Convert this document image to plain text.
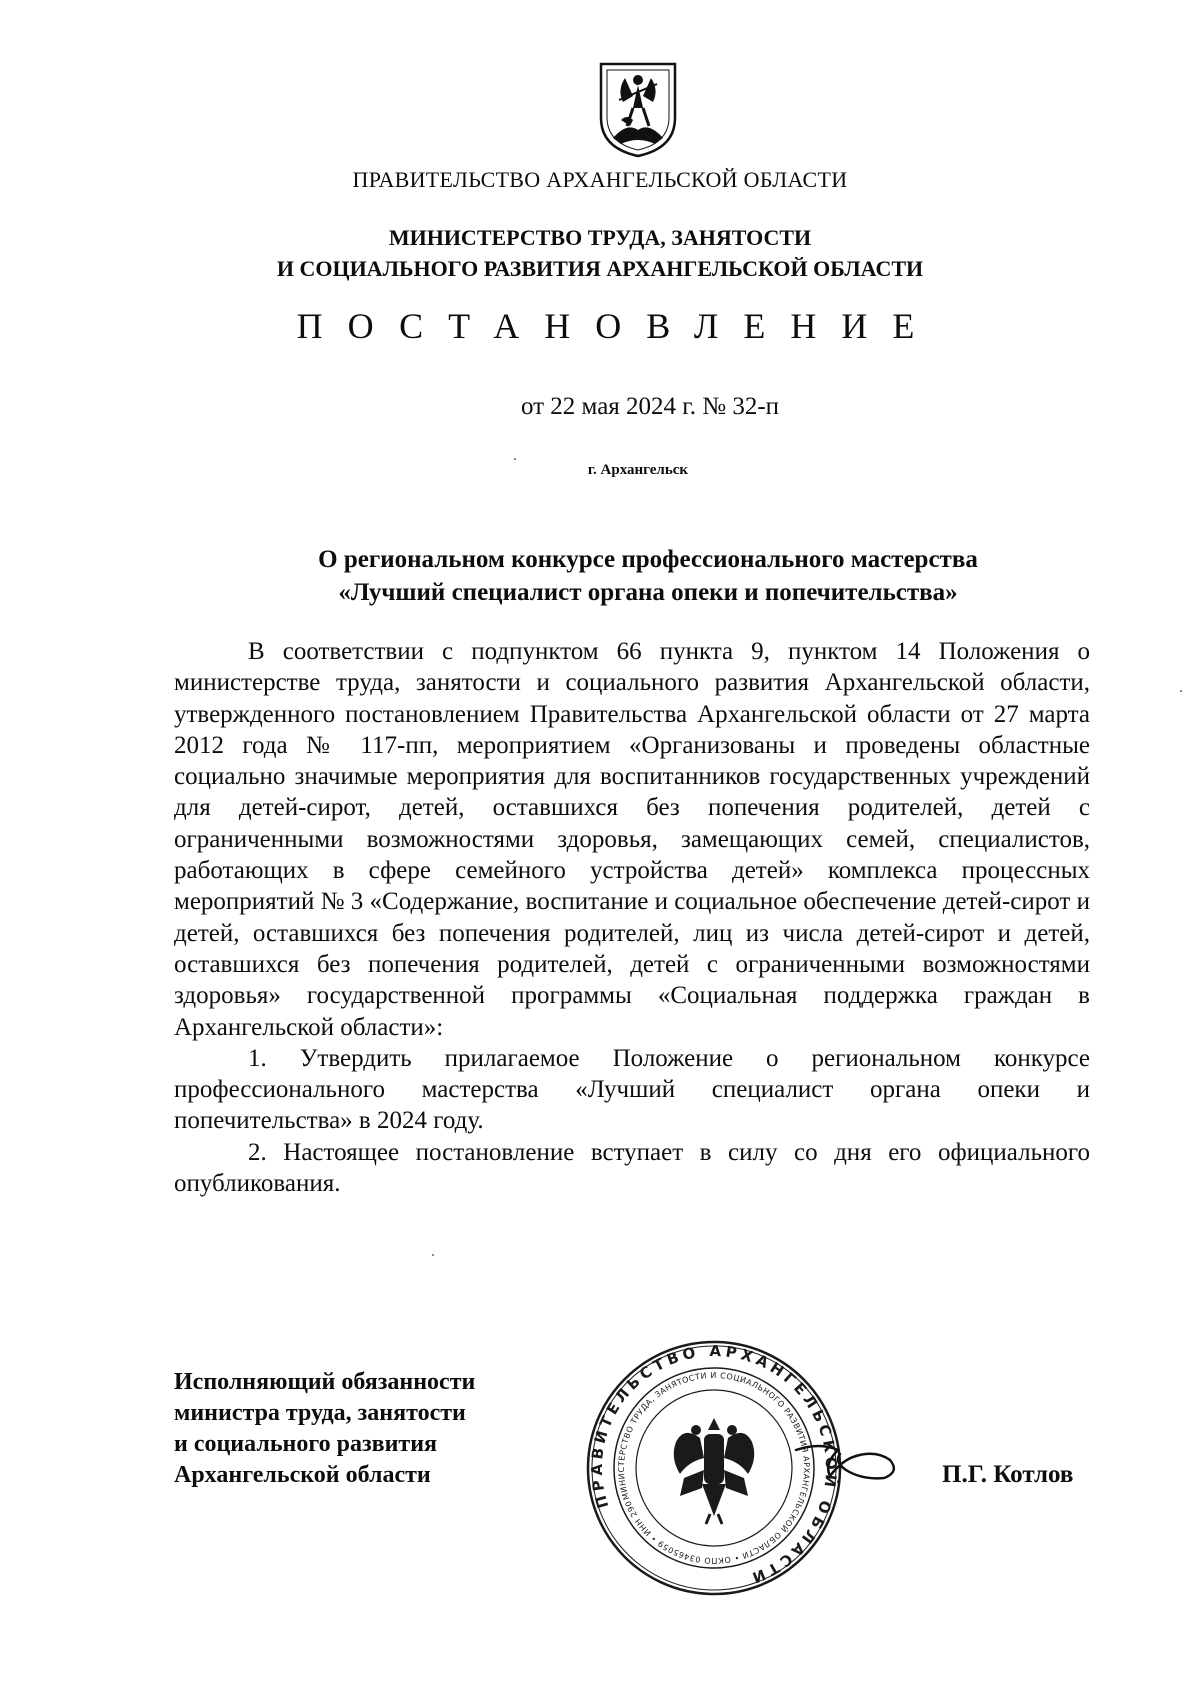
ПРАВИТЕЛЬСТВО АРХАНГЕЛЬСКОЙ ОБЛАСТИ
МИНИСТЕРСТВО ТРУДА, ЗАНЯТОСТИ
И СОЦИАЛЬНОГО РАЗВИТИЯ АРХАНГЕЛЬСКОЙ ОБЛАСТИ
ПОСТАНОВЛЕНИЕ
от 22 мая 2024 г. № 32-п
г. Архангельск
О региональном конкурсе профессионального мастерства
«Лучший специалист органа опеки и попечительства»

В соответствии с подпунктом 66 пункта 9, пунктом 14 Положения о министерстве труда, занятости и социального развития Архангельской области, утвержденного постановлением Правительства Архангельской области от 27 марта 2012 года № 117-пп, мероприятием «Организованы и проведены областные социально значимые мероприятия для воспитанников государственных учреждений для детей-сирот, детей, оставшихся без попечения родителей, детей с ограниченными возможностями здоровья, замещающих семей, специалистов, работающих в сфере семейного устройства детей» комплекса процессных мероприятий № 3 «Содержание, воспитание и социальное обеспечение детей-сирот и детей, оставшихся без попечения родителей, лиц из числа детей-сирот и детей, оставшихся без попечения родителей, детей с ограниченными возможностями здоровья» государственной программы «Социальная поддержка граждан в Архангельской области»:

1. Утвердить прилагаемое Положение о региональном конкурсе профессионального мастерства «Лучший специалист органа опеки и попечительства» в 2024 году.

2. Настоящее постановление вступает в силу со дня его официального опубликования.

Исполняющий обязанности
министра труда, занятости
и социального развития
Архангельской области
ПРАВИТЕЛЬСТВО АРХАНГЕЛЬСКОЙ ОБЛАСТИ
МИНИСТЕРСТВО ТРУДА, ЗАНЯТОСТИ И СОЦИАЛЬНОГО РАЗВИТИЯ АРХАНГЕЛЬСКОЙ ОБЛАСТИ • ОКПО 03465059 • ИНН 2901158036
П.Г. Котлов
